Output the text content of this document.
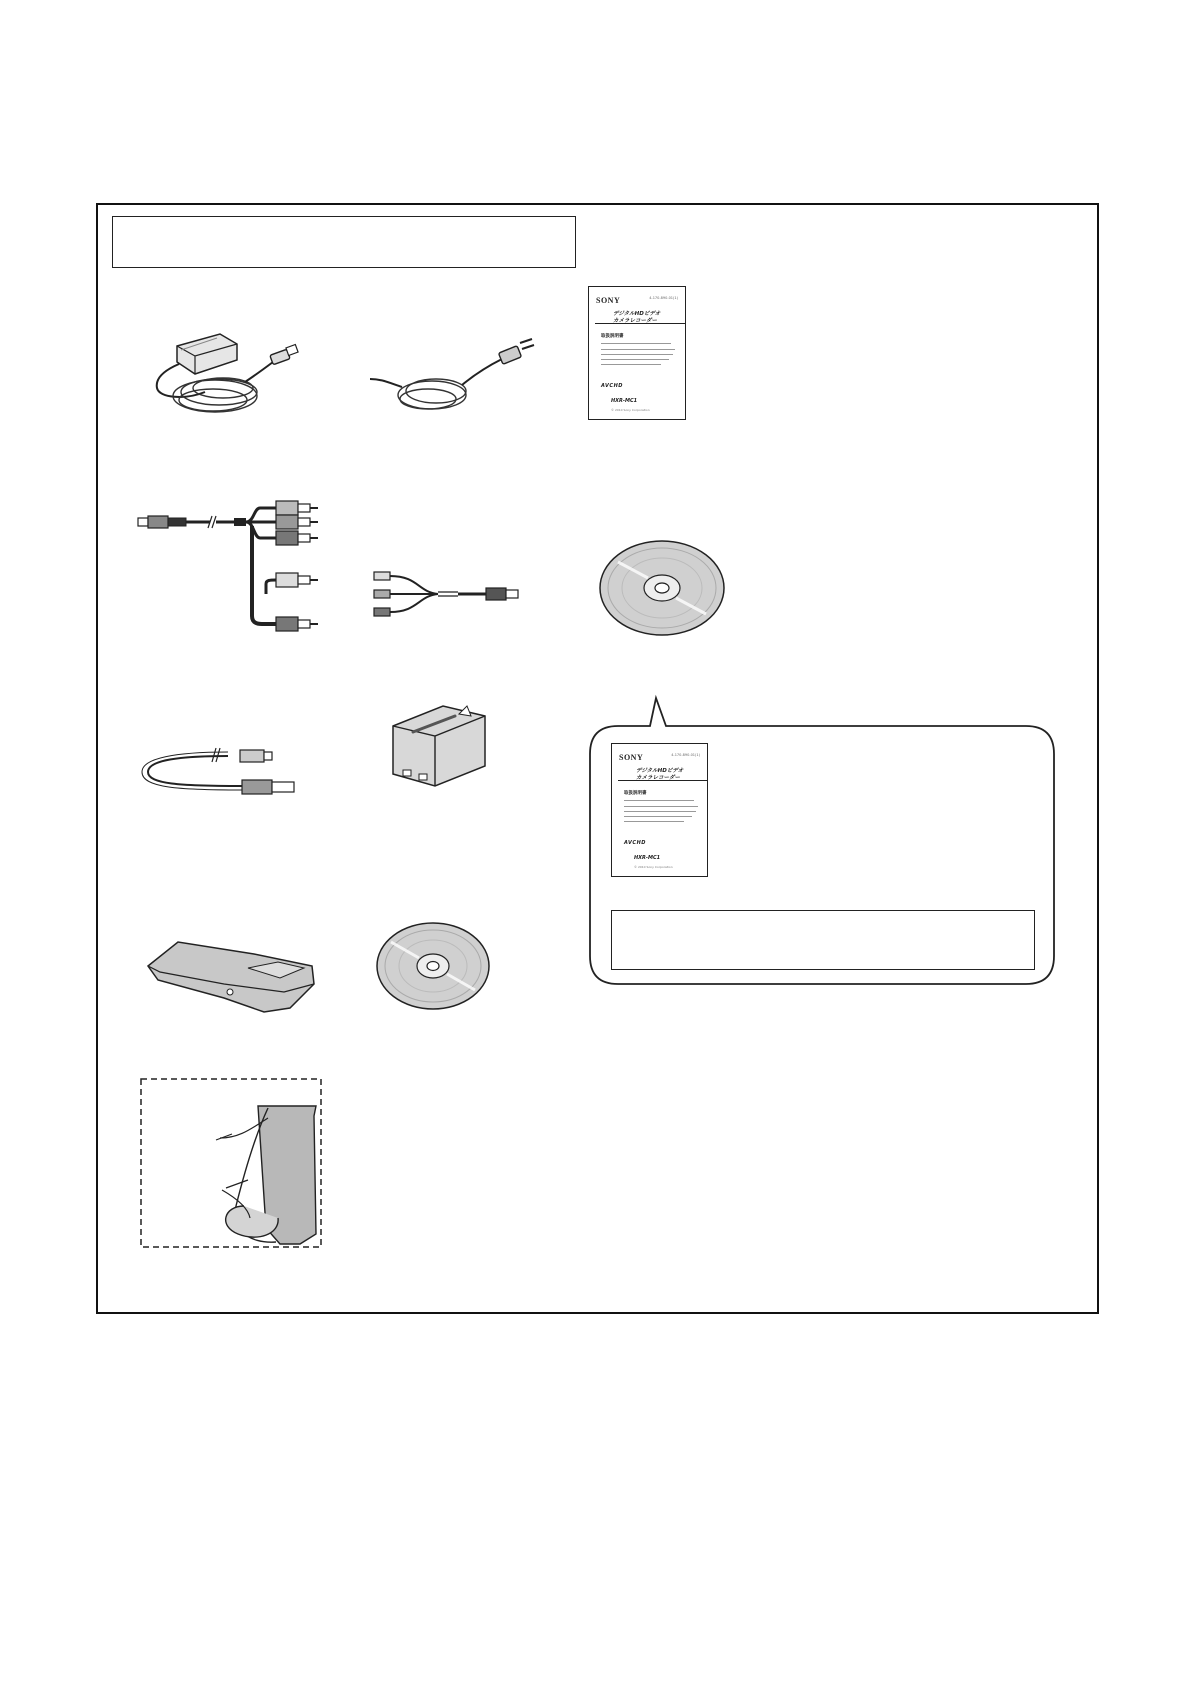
SONY	4-170-890-01(1)
デジタルHDビデオ
カメラレコーダー
取扱説明書
AVCHD
HXR-MC1
© 2010 Sony Corporation
SONY	4-170-890-01(1)
デジタルHDビデオ
カメラレコーダー
取扱説明書
AVCHD
HXR-MC1
© 2010 Sony Corporation
